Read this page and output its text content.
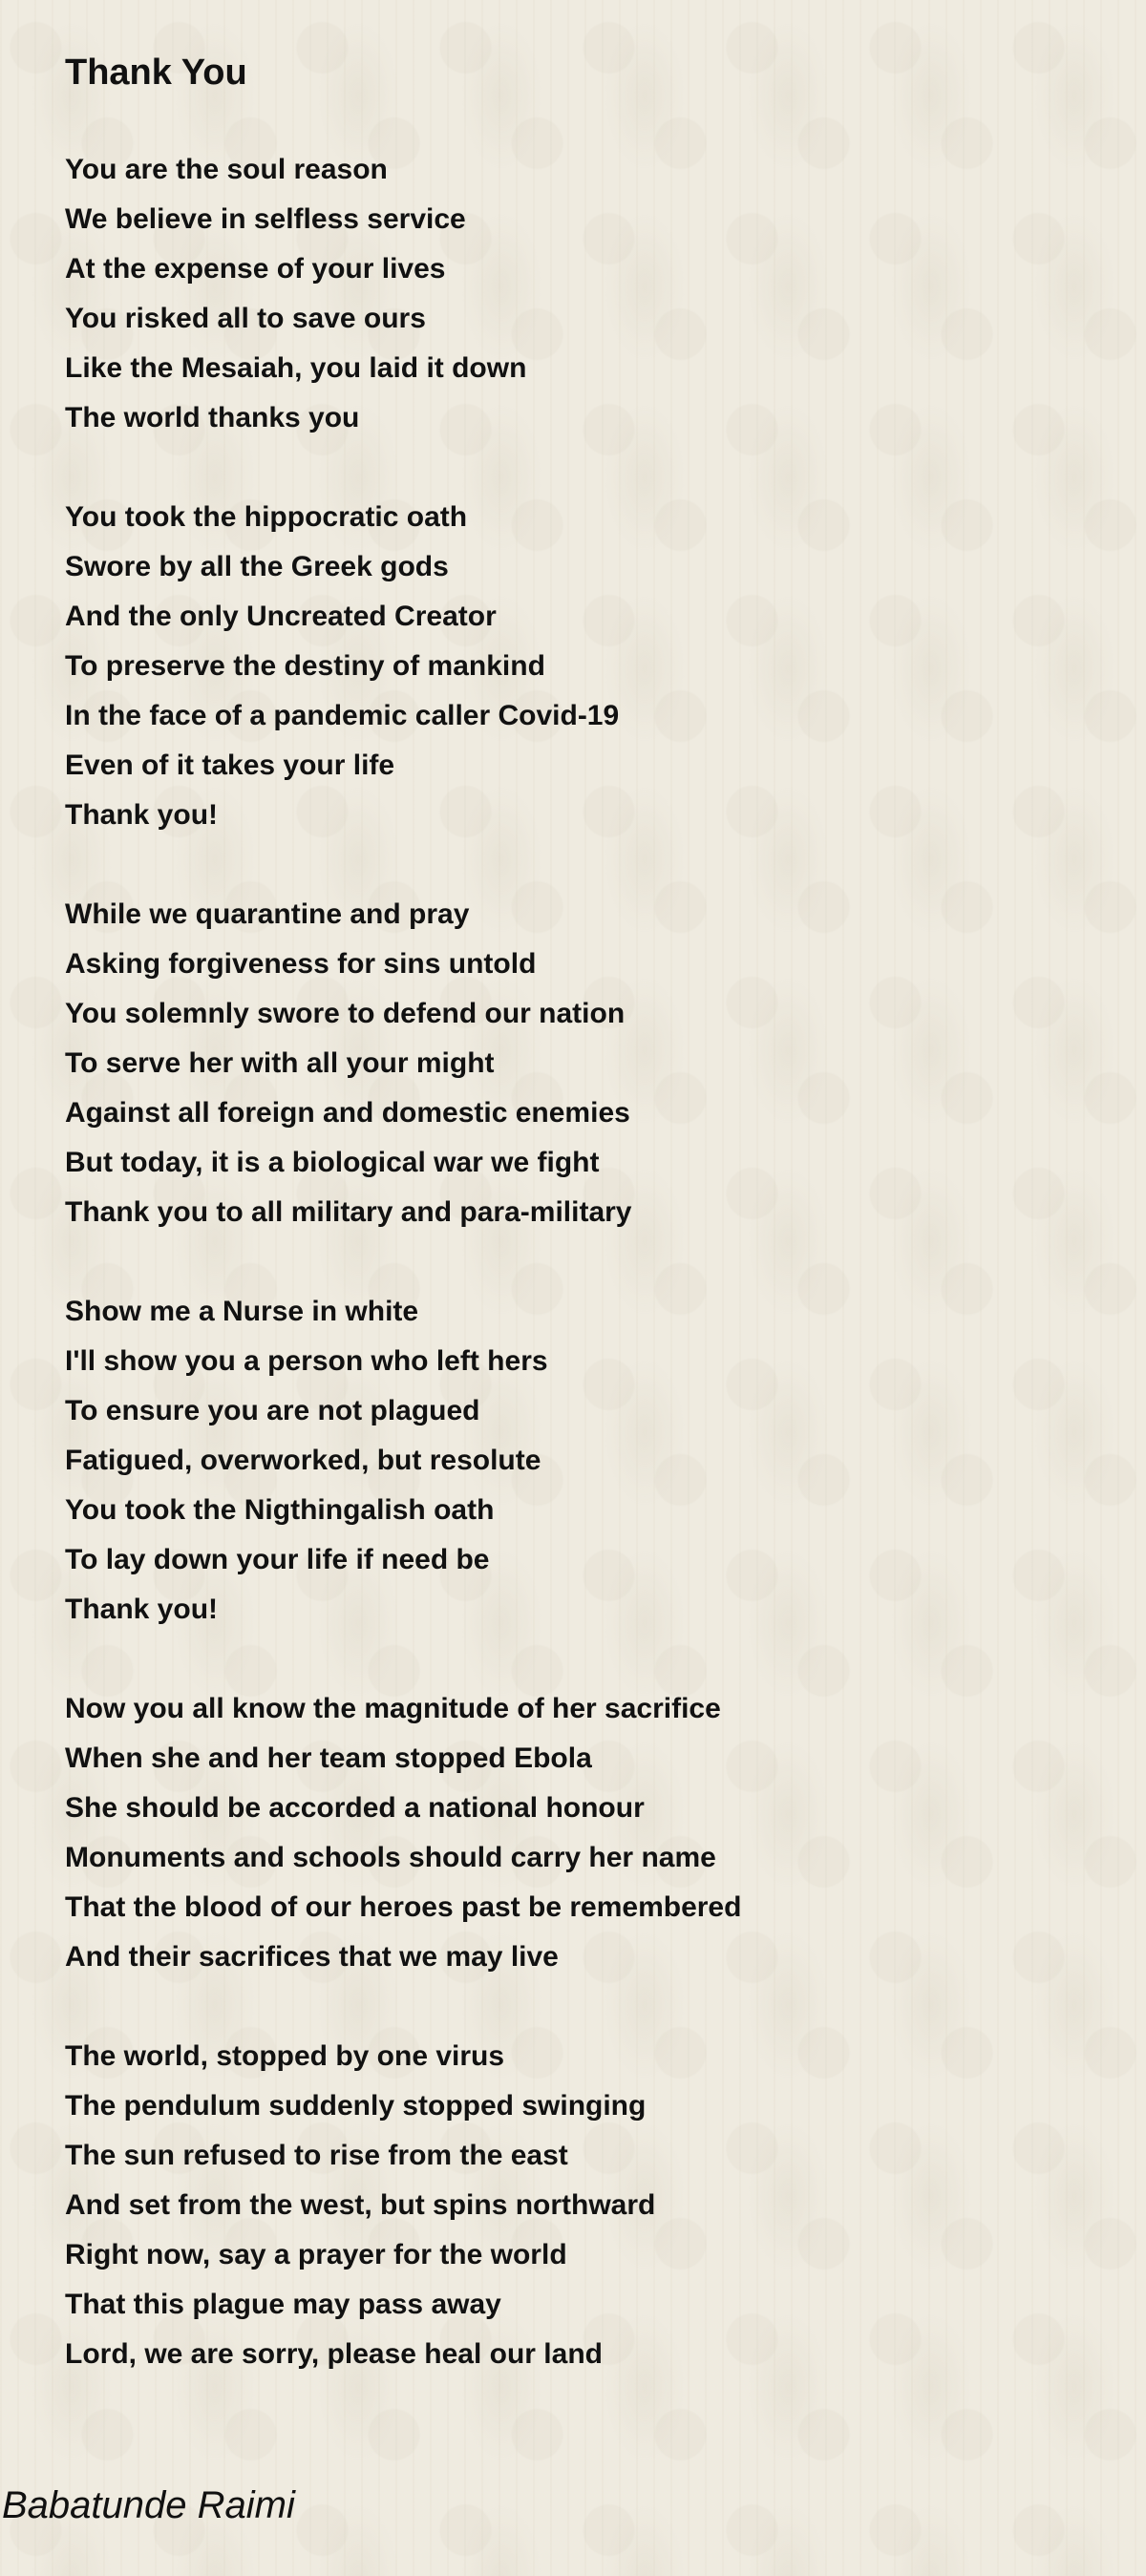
Thank You
You are the soul reason
We believe in selfless service
At the expense of your lives
You risked all to save ours
Like the Mesaiah, you laid it down
The world thanks you
You took the hippocratic oath
Swore by all the Greek gods
And the only Uncreated Creator
To preserve the destiny of mankind
In the face of a pandemic caller Covid-19
Even of it takes your life
Thank you!
While we quarantine and pray
Asking forgiveness for sins untold
You solemnly swore to defend our nation
To serve her with all your might
Against all foreign and domestic enemies
But today, it is a biological war we fight
Thank you to all military and para-military
Show me a Nurse in white
I'll show you a person who left hers
To ensure you are not plagued
Fatigued, overworked, but resolute
You took the Nigthingalish oath
To lay down your life if need be
Thank you!
Now you all know the magnitude of her sacrifice
When she and her team stopped Ebola
She should be accorded a national honour
Monuments and schools should carry her name
That the blood of our heroes past be remembered
And their sacrifices that we may live
The world, stopped by one virus
The pendulum suddenly stopped swinging
The sun refused to rise from the east
And set from the west, but spins northward
Right now, say a prayer for the world
That this plague may pass away
Lord, we are sorry, please heal our land
Babatunde Raimi
